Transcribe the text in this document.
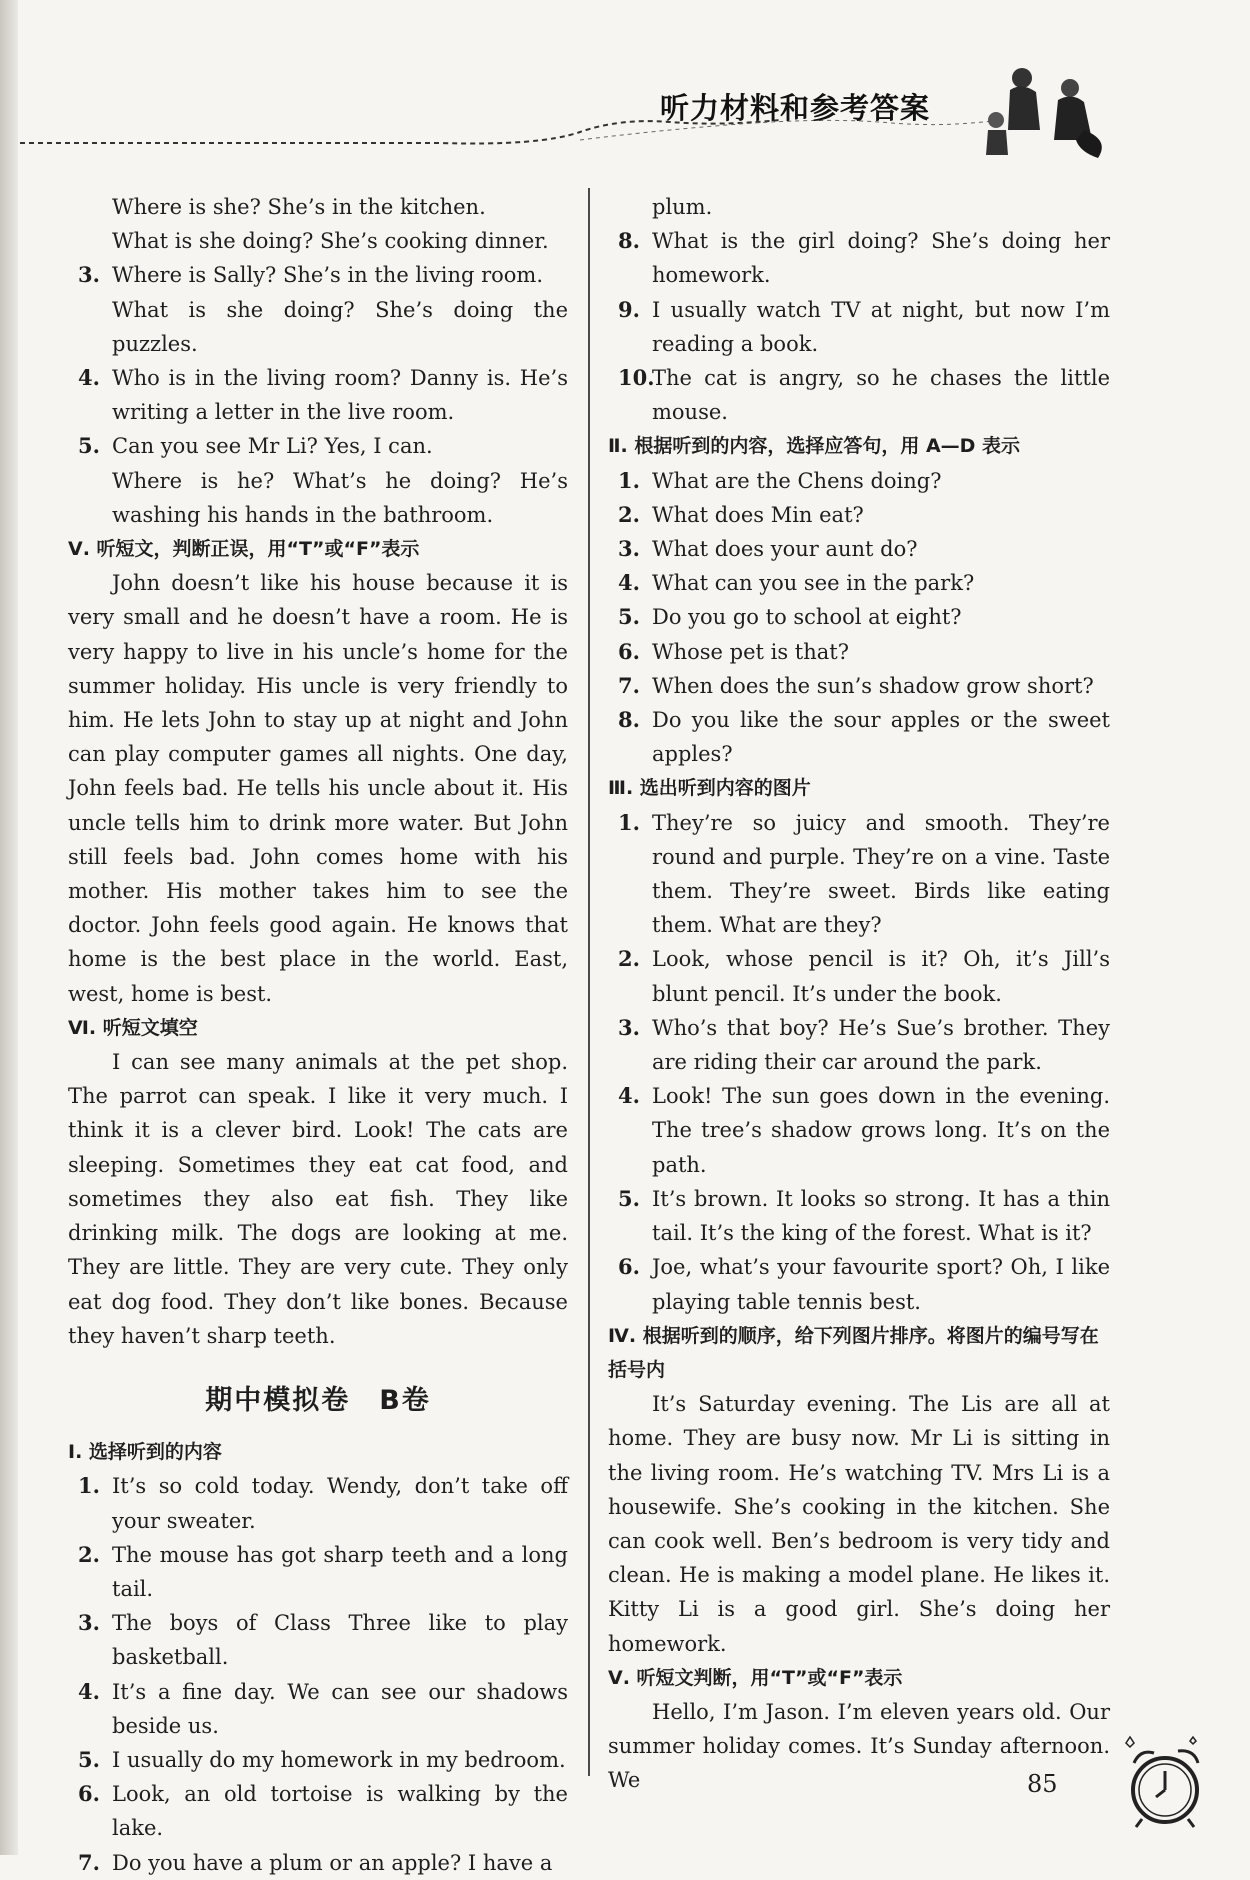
听力材料和参考答案
Where is she? She’s in the kitchen.
What is she doing? She’s cooking dinner.
3. Where is Sally? She’s in the living room.
What is she doing? She’s doing the puzzles.
4. Who is in the living room? Danny is. He’s writing a letter in the live room.
5. Can you see Mr Li? Yes, I can.
Where is he? What’s he doing? He’s washing his hands in the bathroom.
Ⅴ. 听短文，判断正误，用“T”或“F”表示
John doesn’t like his house because it is very small and he doesn’t have a room. He is very happy to live in his uncle’s home for the summer holiday. His uncle is very friendly to him. He lets John to stay up at night and John can play computer games all nights. One day, John feels bad. He tells his uncle about it. His uncle tells him to drink more water. But John still feels bad. John comes home with his mother. His mother takes him to see the doctor. John feels good again. He knows that home is the best place in the world. East, west, home is best.
Ⅵ. 听短文填空
I can see many animals at the pet shop. The parrot can speak. I like it very much. I think it is a clever bird. Look! The cats are sleeping. Sometimes they eat cat food, and sometimes they also eat fish. They like drinking milk. The dogs are looking at me. They are little. They are very cute. They only eat dog food. They don’t like bones. Because they haven’t sharp teeth.
期中模拟卷　B卷
Ⅰ. 选择听到的内容
1. It’s so cold today. Wendy, don’t take off your sweater.
2. The mouse has got sharp teeth and a long tail.
3. The boys of Class Three like to play basketball.
4. It’s a fine day. We can see our shadows beside us.
5. I usually do my homework in my bedroom.
6. Look, an old tortoise is walking by the lake.
7. Do you have a plum or an apple? I have a
plum.
8. What is the girl doing? She’s doing her homework.
9. I usually watch TV at night, but now I’m reading a book.
10.
The cat is angry, so he chases the little mouse.
Ⅱ. 根据听到的内容，选择应答句，用 A—D 表示
1. What are the Chens doing?
2. What does Min eat?
3. What does your aunt do?
4. What can you see in the park?
5. Do you go to school at eight?
6. Whose pet is that?
7. When does the sun’s shadow grow short?
8. Do you like the sour apples or the sweet apples?
Ⅲ. 选出听到内容的图片
1. They’re so juicy and smooth. They’re round and purple. They’re on a vine. Taste them. They’re sweet. Birds like eating them. What are they?
2. Look, whose pencil is it? Oh, it’s Jill’s blunt pencil. It’s under the book.
3. Who’s that boy? He’s Sue’s brother. They are riding their car around the park.
4. Look! The sun goes down in the evening. The tree’s shadow grows long. It’s on the path.
5. It’s brown. It looks so strong. It has a thin tail. It’s the king of the forest. What is it?
6. Joe, what’s your favourite sport? Oh, I like playing table tennis best.
Ⅳ. 根据听到的顺序，给下列图片排序。将图片的编号写在括号内
It’s Saturday evening. The Lis are all at home. They are busy now. Mr Li is sitting in the living room. He’s watching TV. Mrs Li is a housewife. She’s cooking in the kitchen. She can cook well. Ben’s bedroom is very tidy and clean. He is making a model plane. He likes it. Kitty Li is a good girl. She’s doing her homework.
Ⅴ. 听短文判断，用“T”或“F”表示
Hello, I’m Jason. I’m eleven years old. Our summer holiday comes. It’s Sunday afternoon. We	85
